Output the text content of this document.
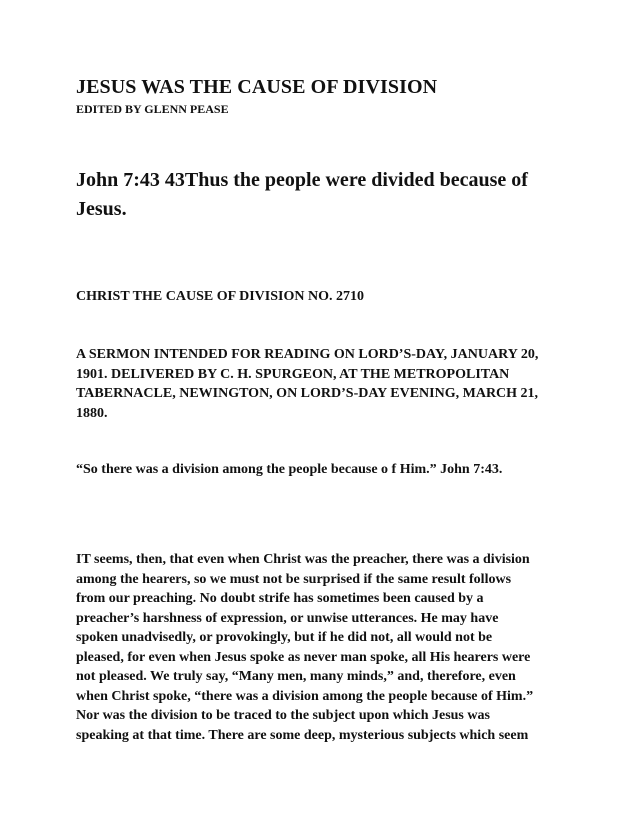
JESUS WAS THE CAUSE OF DIVISION

EDITED BY GLENN PEASE

John 7:43 43Thus the people were divided because of Jesus.

CHRIST THE CAUSE OF DIVISION NO. 2710

A SERMON INTENDED FOR READING ON LORD’S-DAY, JANUARY 20,
1901. DELIVERED BY C. H. SPURGEON, AT THE METROPOLITAN
TABERNACLE, NEWINGTON, ON LORD’S-DAY EVENING, MARCH 21,
1880.

“So there was a division among the people because o f Him.” John 7:43.

IT seems, then, that even when Christ was the preacher, there was a division
among the hearers, so we must not be surprised if the same result follows
from our preaching. No doubt strife has sometimes been caused by a
preacher’s harshness of expression, or unwise utterances. He may have
spoken unadvisedly, or provokingly, but if he did not, all would not be
pleased, for even when Jesus spoke as never man spoke, all His hearers were
not pleased. We truly say, “Many men, many minds,” and, therefore, even
when Christ spoke, “there was a division among the people because of Him.”
Nor was the division to be traced to the subject upon which Jesus was
speaking at that time. There are some deep, mysterious subjects which seem
